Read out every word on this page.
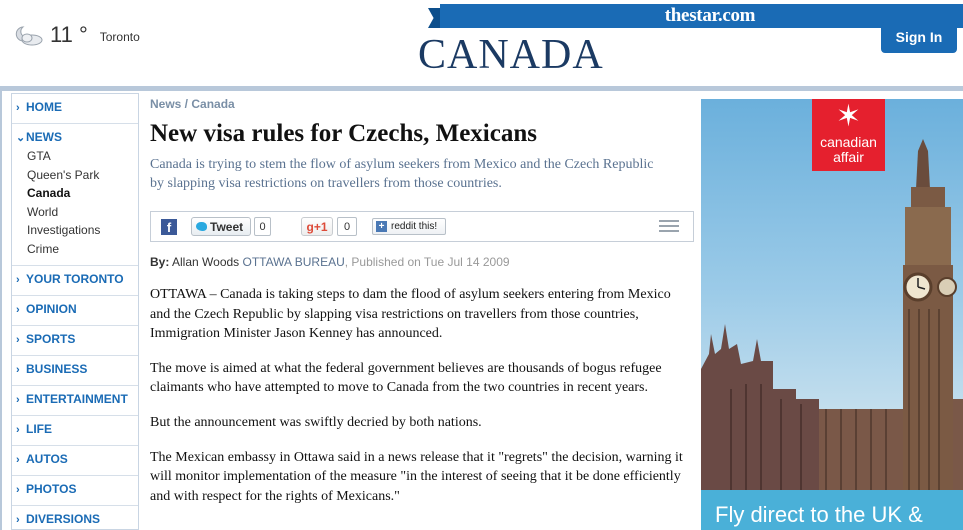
11 ° Toronto
thestar.com
CANADA	Sign In
› HOME
⌄NEWS
GTA
Queen's Park
Canada
World
Investigations
Crime
› YOUR TORONTO
› OPINION
› SPORTS
› BUSINESS
› ENTERTAINMENT
› LIFE
› AUTOS
› PHOTOS
› DIVERSIONS
News / Canada
New visa rules for Czechs, Mexicans
Canada is trying to stem the flow of asylum seekers from Mexico and the Czech Republic by slapping visa restrictions on travellers from those countries.
f	Tweet	0	g+1	0	+ reddit this!
By: Allan Woods OTTAWA BUREAU, Published on Tue Jul 14 2009

OTTAWA – Canada is taking steps to dam the flood of asylum seekers entering from Mexico and the Czech Republic by slapping visa restrictions on travellers from those countries, Immigration Minister Jason Kenney has announced.

The move is aimed at what the federal government believes are thousands of bogus refugee claimants who have attempted to move to Canada from the two countries in recent years.

But the announcement was swiftly decried by both nations.

The Mexican embassy in Ottawa said in a news release that it "regrets" the decision, warning it will monitor implementation of the measure "in the interest of seeing that it be done efficiently and with respect for the rights of Mexicans."

✶
canadian
affair
Fly direct to the UK &
